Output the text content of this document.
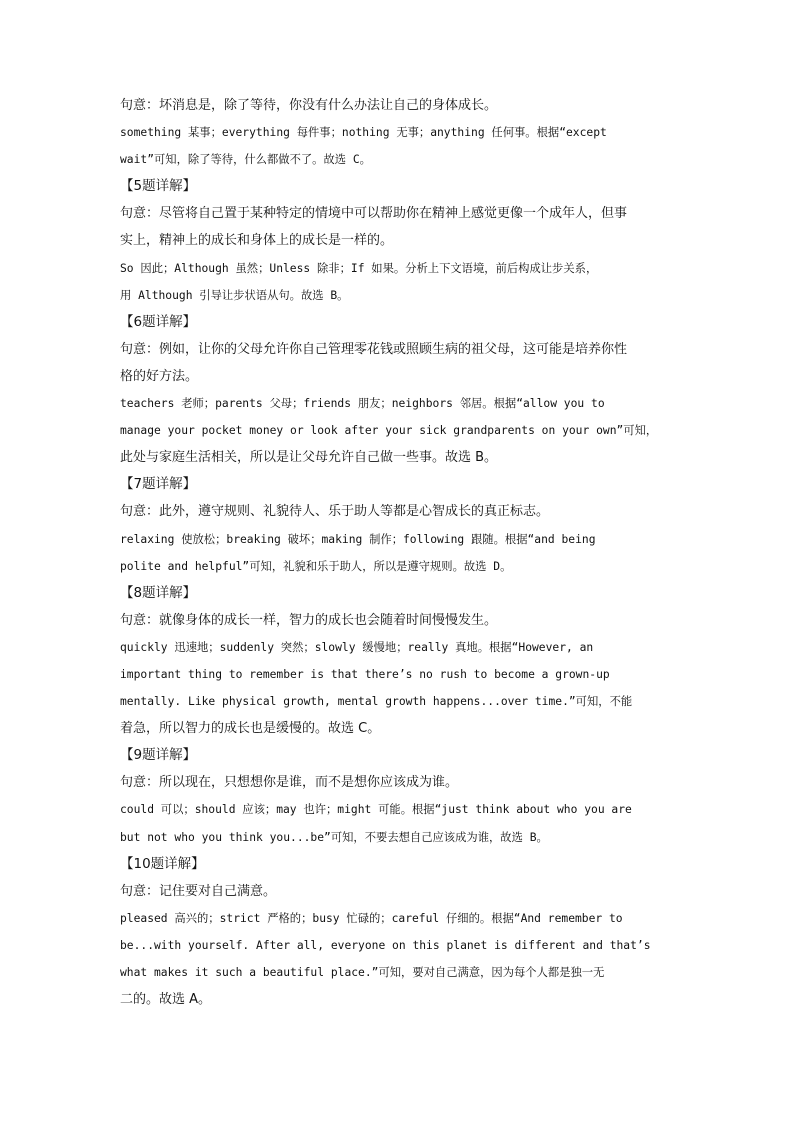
句意：坏消息是，除了等待，你没有什么办法让自己的身体成长。
something 某事；everything 每件事；nothing 无事；anything 任何事。根据“except
wait”可知，除了等待，什么都做不了。故选 C。
【5题详解】
句意：尽管将自己置于某种特定的情境中可以帮助你在精神上感觉更像一个成年人，但事
实上，精神上的成长和身体上的成长是一样的。
So 因此；Although 虽然；Unless 除非；If 如果。分析上下文语境，前后构成让步关系，
用 Although 引导让步状语从句。故选 B。
【6题详解】
句意：例如，让你的父母允许你自己管理零花钱或照顾生病的祖父母，这可能是培养你性
格的好方法。
teachers 老师；parents 父母；friends 朋友；neighbors 邻居。根据“allow you to
manage your pocket money or look after your sick grandparents on your own”可知，
此处与家庭生活相关，所以是让父母允许自己做一些事。故选 B。
【7题详解】
句意：此外，遵守规则、礼貌待人、乐于助人等都是心智成长的真正标志。
relaxing 使放松；breaking 破坏；making 制作；following 跟随。根据“and being
polite and helpful”可知，礼貌和乐于助人，所以是遵守规则。故选 D。
【8题详解】
句意：就像身体的成长一样，智力的成长也会随着时间慢慢发生。
quickly 迅速地；suddenly 突然；slowly 缓慢地；really 真地。根据“However, an
important thing to remember is that there’s no rush to become a grown-up
mentally. Like physical growth, mental growth happens...over time.”可知，不能
着急，所以智力的成长也是缓慢的。故选 C。
【9题详解】
句意：所以现在，只想想你是谁，而不是想你应该成为谁。
could 可以；should 应该；may 也许；might 可能。根据“just think about who you are
but not who you think you...be”可知，不要去想自己应该成为谁，故选 B。
【10题详解】
句意：记住要对自己满意。
pleased 高兴的；strict 严格的；busy 忙碌的；careful 仔细的。根据“And remember to
be...with yourself. After all, everyone on this planet is different and that’s
what makes it such a beautiful place.”可知，要对自己满意，因为每个人都是独一无
二的。故选 A。
